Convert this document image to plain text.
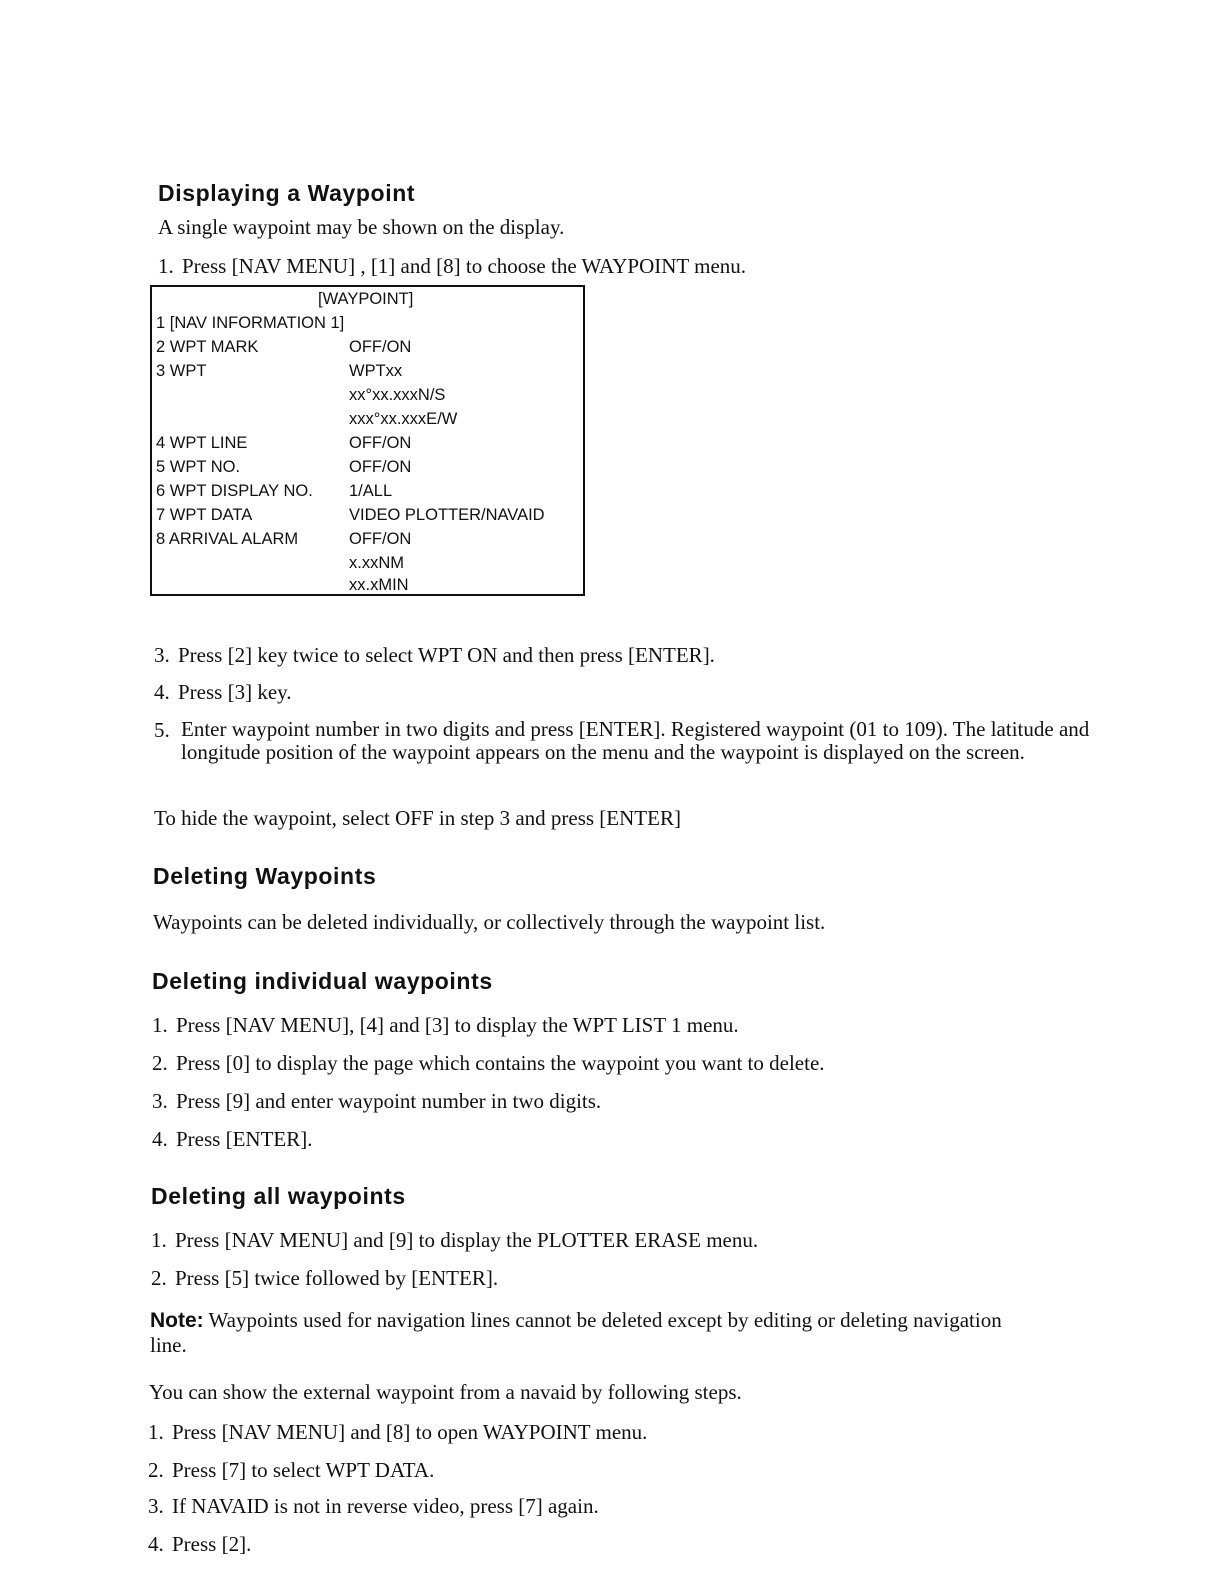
Displaying a Waypoint
A single waypoint may be shown on the display.
1. Press [NAV MENU] , [1] and [8] to choose the WAYPOINT menu.
[WAYPOINT]
1 [NAV INFORMATION 1]
2 WPT MARK	OFF/ON
3 WPT	WPTxx
xx°xx.xxxN/S
xxx°xx.xxxE/W
4 WPT LINE	OFF/ON
5 WPT NO.	OFF/ON
6 WPT DISPLAY NO. 1/ALL
7 WPT DATA	VIDEO PLOTTER/NAVAID
8 ARRIVAL ALARM	OFF/ON
x.xxNM
xx.xMIN
3. Press [2] key twice to select WPT ON and then press [ENTER].
4. Press [3] key.
5. Enter waypoint number in two digits and press [ENTER]. Registered waypoint (01 to 109). The latitude and longitude position of the waypoint appears on the menu and the waypoint is displayed on the screen.
To hide the waypoint, select OFF in step 3 and press [ENTER]
Deleting Waypoints
Waypoints can be deleted individually, or collectively through the waypoint list.
Deleting individual waypoints
1. Press [NAV MENU], [4] and [3] to display the WPT LIST 1 menu.
2. Press [0] to display the page which contains the waypoint you want to delete.
3. Press [9] and enter waypoint number in two digits.
4. Press [ENTER].
Deleting all waypoints
1. Press [NAV MENU] and [9] to display the PLOTTER ERASE menu.
2. Press [5] twice followed by [ENTER].
Note: Waypoints used for navigation lines cannot be deleted except by editing or deleting navigation line.
You can show the external waypoint from a navaid by following steps.
1. Press [NAV MENU] and [8] to open WAYPOINT menu.
2. Press [7] to select WPT DATA.
3. If NAVAID is not in reverse video, press [7] again.
4. Press [2].
